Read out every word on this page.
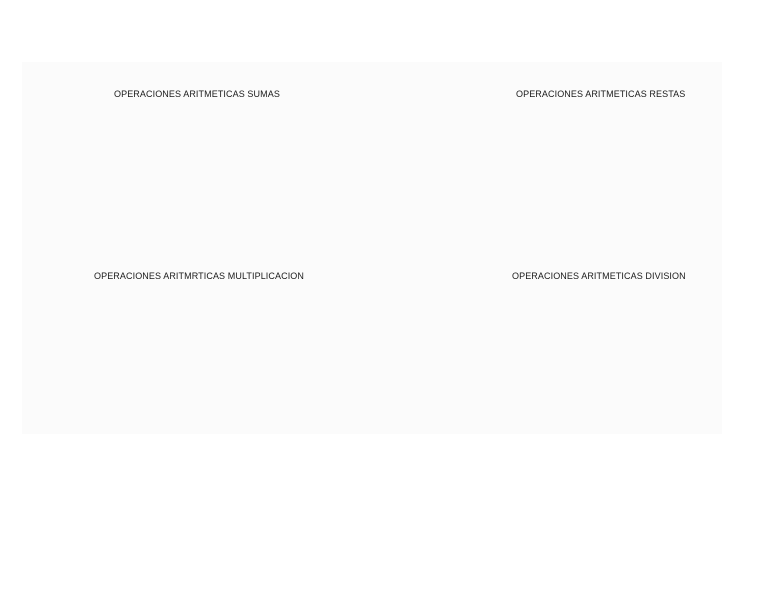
OPERACIONES ARITMETICAS SUMAS	OPERACIONES ARITMETICAS RESTAS
OPERACIONES ARITMRTICAS MULTIPLICACION	OPERACIONES ARITMETICAS DIVISION
